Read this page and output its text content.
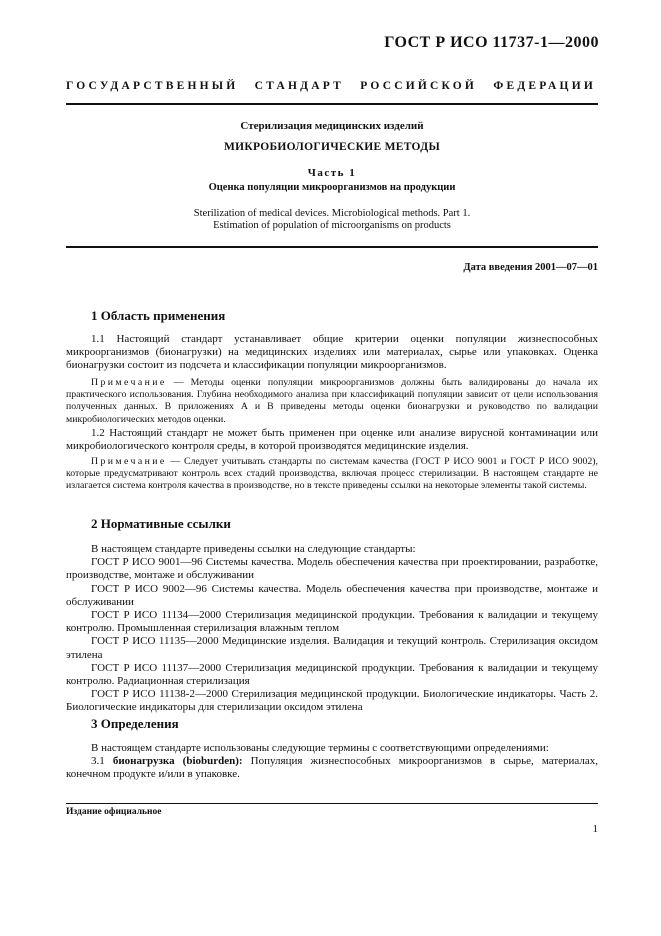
ГОСТ Р ИСО 11737-1—2000
ГОСУДАРСТВЕННЫЙ СТАНДАРТ РОССИЙСКОЙ ФЕДЕРАЦИИ
Стерилизация медицинских изделий
МИКРОБИОЛОГИЧЕСКИЕ МЕТОДЫ
Часть 1
Оценка популяции микроорганизмов на продукции
Sterilization of medical devices. Microbiological methods. Part 1.
Estimation of population of microorganisms on products
Дата введения 2001—07—01
1 Область применения

1.1 Настоящий стандарт устанавливает общие критерии оценки популяции жизнеспособных микроорганизмов (бионагрузки) на медицинских изделиях или материалах, сырье или упаковках. Оценка бионагрузки состоит из подсчета и классификации популяции микроорганизмов.

Примечание — Методы оценки популяции микроорганизмов должны быть валидированы до начала их практического использования. Глубина необходимого анализа при классификаций популяции зависит от цели использования полученных данных. В приложениях А и В приведены методы оценки бионагрузки и руководство по валидации микробиологических методов оценки.

1.2 Настоящий стандарт не может быть применен при оценке или анализе вирусной контаминации или микробиологического контроля среды, в которой производятся медицинские изделия.

Примечание — Следует учитывать стандарты по системам качества (ГОСТ Р ИСО 9001 и ГОСТ Р ИСО 9002), которые предусматривают контроль всех стадий производства, включая процесс стерилизации. В настоящем стандарте не излагается система контроля качества в производстве, но в тексте приведены ссылки на некоторые элементы такой системы.

2 Нормативные ссылки

В настоящем стандарте приведены ссылки на следующие стандарты:

ГОСТ Р ИСО 9001—96 Системы качества. Модель обеспечения качества при проектировании, разработке, производстве, монтаже и обслуживании

ГОСТ Р ИСО 9002—96 Системы качества. Модель обеспечения качества при производстве, монтаже и обслуживании

ГОСТ Р ИСО 11134—2000 Стерилизация медицинской продукции. Требования к валидации и текущему контролю. Промышленная стерилизация влажным теплом

ГОСТ Р ИСО 11135—2000 Медицинские изделия. Валидация и текущий контроль. Стерилизация оксидом этилена

ГОСТ Р ИСО 11137—2000 Стерилизация медицинской продукции. Требования к валидации и текущему контролю. Радиационная стерилизация

ГОСТ Р ИСО 11138-2—2000 Стерилизация медицинской продукции. Биологические индикаторы. Часть 2. Биологические индикаторы для стерилизации оксидом этилена

3 Определения

В настоящем стандарте использованы следующие термины с соответствующими определениями:

3.1 бионагрузка (bioburden): Популяция жизнеспособных микроорганизмов в сырье, материалах, конечном продукте и/или в упаковке.

Издание официальное
1
